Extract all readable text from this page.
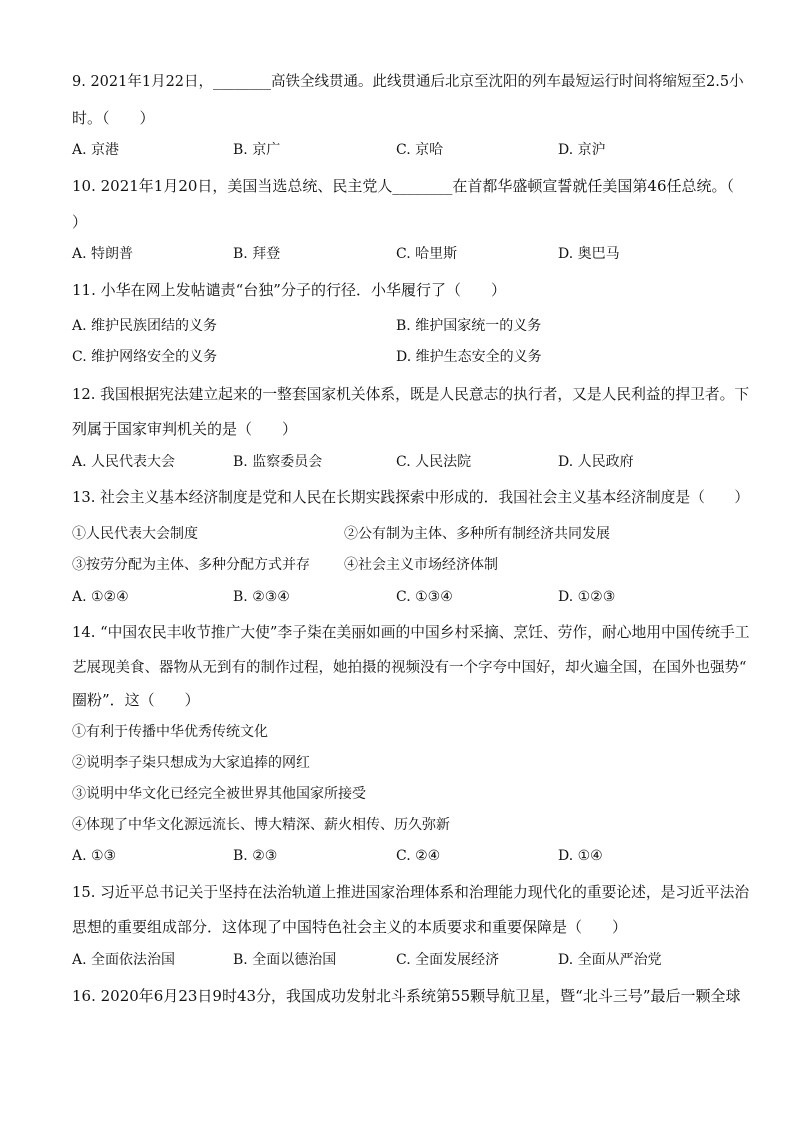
9. 2021年1月22日，________高铁全线贯通。此线贯通后北京至沈阳的列车最短运行时间将缩短至2.5小
时。（　　）
A. 京港	B. 京广	C. 京哈	D. 京沪
10. 2021年1月20日，美国当选总统、民主党人________在首都华盛顿宣誓就任美国第46任总统。（
）
A. 特朗普	B. 拜登	C. 哈里斯	D. 奥巴马
11. 小华在网上发帖谴责“台独”分子的行径．小华履行了（　　）
A. 维护民族团结的义务	B. 维护国家统一的义务
C. 维护网络安全的义务	D. 维护生态安全的义务
12. 我国根据宪法建立起来的一整套国家机关体系，既是人民意志的执行者，又是人民利益的捍卫者。下
列属于国家审判机关的是（　　）
A. 人民代表大会	B. 监察委员会	C. 人民法院	D. 人民政府
13. 社会主义基本经济制度是党和人民在长期实践探索中形成的．我国社会主义基本经济制度是（　　）
①人民代表大会制度	②公有制为主体、多种所有制经济共同发展
③按劳分配为主体、多种分配方式并存 ④社会主义市场经济体制
A. ①②④	B. ②③④	C. ①③④	D. ①②③
14. “中国农民丰收节推广大使”李子柒在美丽如画的中国乡村采摘、烹饪、劳作，耐心地用中国传统手工
艺展现美食、器物从无到有的制作过程，她拍摄的视频没有一个字夸中国好，却火遍全国，在国外也强势“
圈粉”．这（　　）
①有利于传播中华优秀传统文化
②说明李子柒只想成为大家追捧的网红
③说明中华文化已经完全被世界其他国家所接受
④体现了中华文化源远流长、博大精深、薪火相传、历久弥新
A. ①③	B. ②③	C. ②④	D. ①④
15. 习近平总书记关于坚持在法治轨道上推进国家治理体系和治理能力现代化的重要论述，是习近平法治
思想的重要组成部分．这体现了中国特色社会主义的本质要求和重要保障是（　　）
A. 全面依法治国	B. 全面以德治国	C. 全面发展经济	D. 全面从严治党
16. 2020年6月23日9时43分，我国成功发射北斗系统第55颗导航卫星，暨“北斗三号”最后一颗全球
